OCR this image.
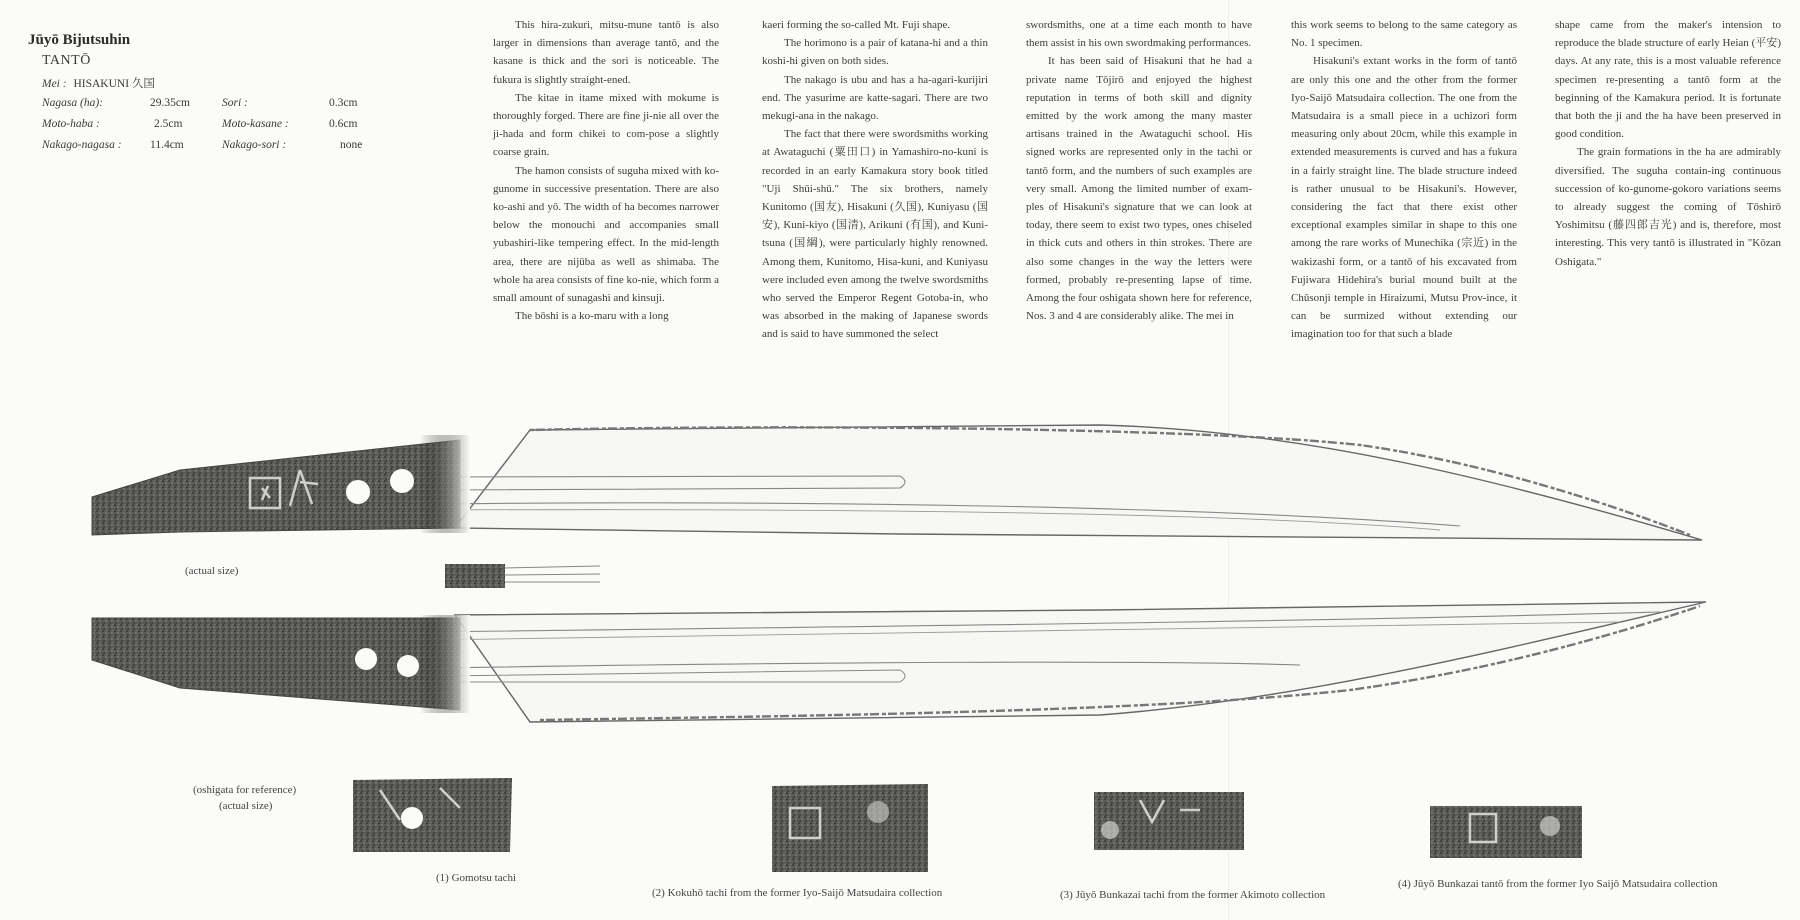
Jūyō Bijutsuhin
TANTŌ
Mei : HISAKUNI 久国
Nagasa (ha):	29.35cm	Sori :	0.3cm
Moto-haba :	2.5cm	Moto-kasane :	0.6cm
Nakago-nagasa : 11.4cm	Nakago-sori :	none

This hira-zukuri, mitsu-mune tantō is also larger in dimensions than average tantō, and the kasane is thick and the sori is noticeable. The fukura is slightly straight-ened.

The kitae in itame mixed with mokume is thoroughly forged. There are fine ji-nie all over the ji-hada and form chikei to com-pose a slightly coarse grain.

The hamon consists of suguha mixed with ko-gunome in successive presentation. There are also ko-ashi and yō. The width of ha becomes narrower below the monouchi and accompanies small yubashiri-like tempering effect. In the mid-length area, there are nijūba as well as shimaba. The whole ha area consists of fine ko-nie, which form a small amount of sunagashi and kinsuji.

The bōshi is a ko-maru with a long

kaeri forming the so-called Mt. Fuji shape.

The horimono is a pair of katana-hi and a thin koshi-hi given on both sides.

The nakago is ubu and has a ha-agari-kurijiri end. The yasurime are katte-sagari. There are two mekugi-ana in the nakago.

The fact that there were swordsmiths working at Awataguchi (粟田口) in Yamashiro-no-kuni is recorded in an early Kamakura story book titled "Uji Shūi-shū." The six brothers, namely Kunitomo (国友), Hisakuni (久国), Kuniyasu (国安), Kuni-kiyo (国清), Arikuni (有国), and Kuni-tsuna (国綱), were particularly highly renowned. Among them, Kunitomo, Hisa-kuni, and Kuniyasu were included even among the twelve swordsmiths who served the Emperor Regent Gotoba-in, who was absorbed in the making of Japanese swords and is said to have summoned the select

swordsmiths, one at a time each month to have them assist in his own swordmaking performances.

It has been said of Hisakuni that he had a private name Tōjirō and enjoyed the highest reputation in terms of both skill and dignity emitted by the work among the many master artisans trained in the Awataguchi school. His signed works are represented only in the tachi or tantō form, and the numbers of such examples are very small. Among the limited number of exam-ples of Hisakuni's signature that we can look at today, there seem to exist two types, ones chiseled in thick cuts and others in thin strokes. There are also some changes in the way the letters were formed, probably re-presenting lapse of time. Among the four oshigata shown here for reference, Nos. 3 and 4 are considerably alike. The mei in

this work seems to belong to the same category as No. 1 specimen.

Hisakuni's extant works in the form of tantō are only this one and the other from the former Iyo-Saijō Matsudaira collection. The one from the Matsudaira is a small piece in a uchizori form measuring only about 20cm, while this example in extended measurements is curved and has a fukura in a fairly straight line. The blade structure indeed is rather unusual to be Hisakuni's. However, considering the fact that there exist other exceptional examples similar in shape to this one among the rare works of Munechika (宗近) in the wakizashi form, or a tantō of his excavated from Fujiwara Hidehira's burial mound built at the Chūsonji temple in Hiraizumi, Mutsu Prov-ince, it can be surmized without extending our imagination too for that such a blade

shape came from the maker's intension to reproduce the blade structure of early Heian (平安) days. At any rate, this is a most valuable reference specimen re-presenting a tantō form at the beginning of the Kamakura period. It is fortunate that both the ji and the ha have been preserved in good condition.

The grain formations in the ha are admirably diversified. The suguha contain-ing continuous succession of ko-gunome-gokoro variations seems to already suggest the coming of Tōshirō Yoshimitsu (藤四郎吉光) and is, therefore, most interesting. This very tantō is illustrated in "Kōzan Oshigata."

(actual size)
(oshigata for reference)
(actual size)
(1) Gomotsu tachi
(2) Kokuhō tachi from the former Iyo-Saijō Matsudaira collection	(3) Jūyō Bunkazai tachi from the former Akimoto collection
(4) Jūyō Bunkazai tantō from the former Iyo Saijō Matsudaira collection
